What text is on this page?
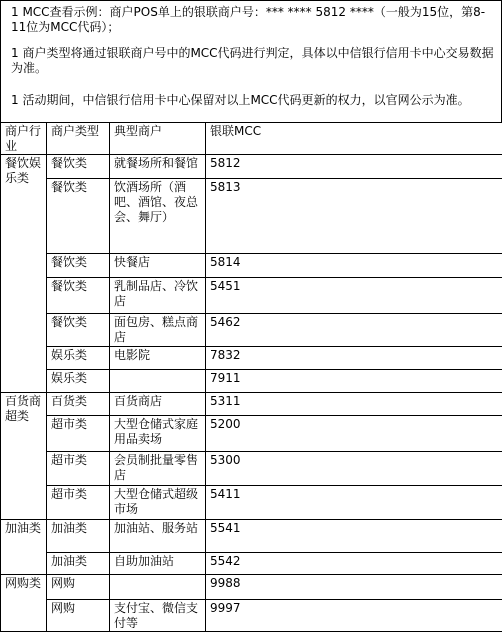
1 MCC查看示例：商户POS单上的银联商户号：*** **** 5812 ****（一般为15位，第8-11位为MCC代码）；
1 商户类型将通过银联商户号中的MCC代码进行判定，具体以中信银行信用卡中心交易数据为准。
1 活动期间，中信银行信用卡中心保留对以上MCC代码更新的权力，以官网公示为准。
商户行业	商户类型	典型商户	银联MCC
餐饮娱乐类	餐饮类	就餐场所和餐馆	5812
	餐饮类	饮酒场所（酒吧、酒馆、夜总会、舞厅）	5813
	餐饮类	快餐店	5814
	餐饮类	乳制品店、冷饮店	5451
	餐饮类	面包房、糕点商店	5462
	娱乐类	电影院	7832
	娱乐类		7911
百货商超类	百货类	百货商店	5311
	超市类	大型仓储式家庭用品卖场	5200
	超市类	会员制批量零售店	5300
	超市类	大型仓储式超级市场	5411
加油类	加油类	加油站、服务站	5541
	加油类	自助加油站	5542
网购类	网购		9988
	网购	支付宝、微信支付等	9997
